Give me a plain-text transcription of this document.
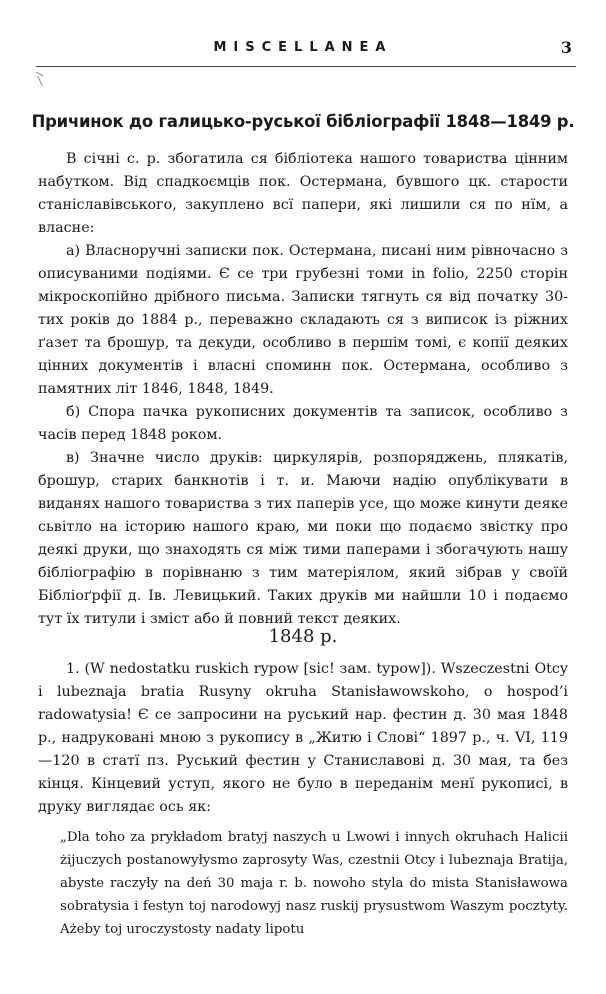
MISCELLANEA	3
Причинок до галицько-руської бібліографії 1848—1849 р.

В січні с. р. збогатила ся бібліотека нашого товариства цінним набутком. Від спадкоємців пок. Остермана, бувшого цк. старости станіславівського, закуплено всї папери, які лишили ся по нїм, а власне:

а) Власноручні записки пок. Остермана, писані ним рівночасно з описуваними подіями. Є се три грубезні томи in folio, 2250 сторін мікроскопійно дрібного письма. Записки тягнуть ся від початку 30-тих років до 1884 р., переважно складають ся з виписок із ріжних ґазет та брошур, та декуди, особливо в першім томі, є копії деяких цінних документів і власні споминн пок. Остермана, особливо з памятних літ 1846, 1848, 1849.

б) Спора пачка рукописних документів та записок, особливо з часів перед 1848 роком.

в) Значне число друків: циркулярів, розпоряджень, плякатів, брошур, старих банкнотів і т. и. Маючи надію опублікувати в виданях нашого товариства з тих паперів усе, що може кинути деяке сьвітло на історию нашого краю, ми поки що подаємо звістку про деякі друки, що знаходять ся між тими паперами і збогачують нашу бібліографію в порівнаню з тим матеріялом, який зібрав у своїй Бібліоґрфії д. Ів. Левицький. Таких друків ми найшли 10 і подаємо тут їх титули і зміст або й повний текст деяких.

1848 р.

1. (W nedostatku ruskich rypow [sic! зам. typow]). Wszeczestni Otcy i lubeznaja bratia Rusyny okruha Stanisławowskoho, o hospod’i radowatysia! Є се запросини на руський нар. фестин д. 30 мая 1848 р., надруковані мною з рукопису в „Житю і Слові“ 1897 р., ч. VI, 119—120 в статї пз. Руський фестин у Станиславові д. 30 мая, та без кінця. Кінцевий уступ, якого не було в переданім менї рукописі, в друку виглядає ось як:

„Dla toho za prykładom bratyj naszych u Lwowi i innych okruhach Halicii żijuczych postanowyłysmo zaprosyty Was, czestnii Otcy i lubeznaja Bratija, abyste raczyły na deń 30 maja r. b. nowoho styla do mista Stanisławowa sobratysia i festyn toj narodowyj nasz ruskij prysustwom Waszym pocztyty. Ażeby toj uroczystosty nadaty lipotu
